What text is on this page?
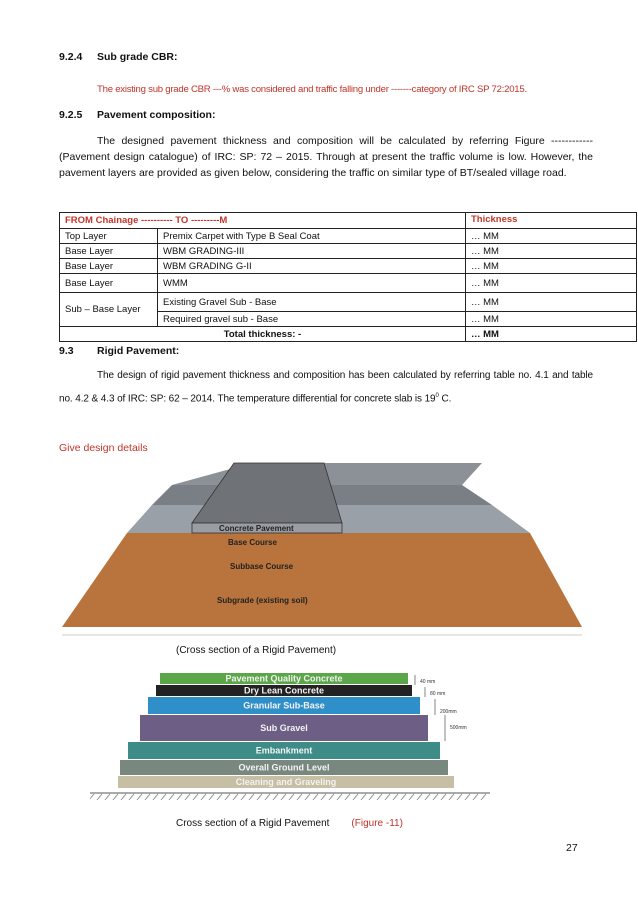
9.2.4 Sub grade CBR:
The existing sub grade CBR ---% was considered and traffic falling under -------category of IRC SP 72:2015.
9.2.5 Pavement composition:
The designed pavement thickness and composition will be calculated by referring Figure ------------ (Pavement design catalogue) of IRC: SP: 72 – 2015. Through at present the traffic volume is low. However, the pavement layers are provided as given below, considering the traffic on similar type of BT/sealed village road.
FROM Chainage ---------- TO ---------M		Thickness
Top Layer	Premix Carpet with Type B Seal Coat	… MM
Base Layer	WBM GRADING-III	… MM
Base Layer	WBM GRADING G-II	… MM
Base Layer	WMM	… MM
Sub – Base Layer	Existing Gravel Sub - Base	… MM
	Required gravel sub - Base	… MM
Total thickness: -		… MM
9.3 Rigid Pavement:
The design of rigid pavement thickness and composition has been calculated by referring table no. 4.1 and table no. 4.2 & 4.3 of IRC: SP: 62 – 2014. The temperature differential for concrete slab is $19^0$ C.
Give design details
Concrete Pavement
Base Course
Subbase Course
Subgrade (existing soil)
(Cross section of a Rigid Pavement)
Pavement Quality Concrete
Dry Lean Concrete
Granular Sub-Base
Sub Gravel
Embankment
Overall Ground Level
Cleaning and Graveling
40 mm
80 mm
200mm
500mm
Cross section of a Rigid Pavement (Figure -11)
27
